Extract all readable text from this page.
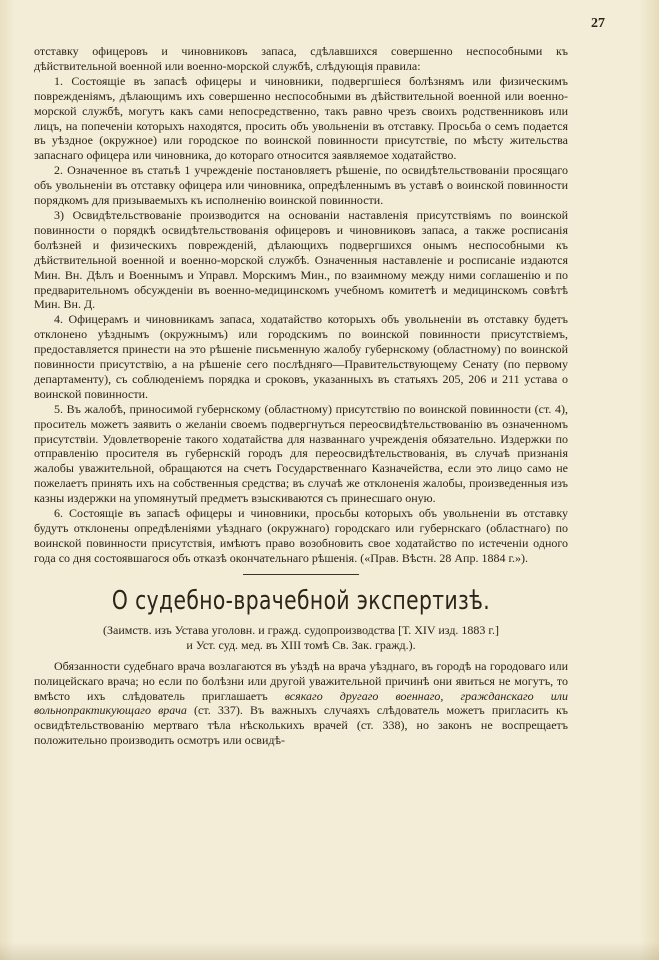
27

отставку офицеровъ и чиновниковъ запаса, сдѣлавшихся совершенно неспособными къ дѣйствительной военной или военно-морской службѣ, слѣдующія правила:

1. Состоящіе въ запасѣ офицеры и чиновники, подвергшіеся болѣзнямъ или физическимъ поврежденіямъ, дѣлающимъ ихъ совершенно неспособными въ дѣйствительной военной или военно-морской службѣ, могутъ какъ сами непосредственно, такъ равно чрезъ своихъ родственниковъ или лицъ, на попеченіи которыхъ находятся, просить объ увольненіи въ отставку. Просьба о семъ подается въ уѣздное (окружное) или городское по воинской повинности присутствіе, по мѣсту жительства запаснаго офицера или чиновника, до котораго относится заявляемое ходатайство.

2. Означенное въ статьѣ 1 учрежденіе постановляетъ рѣшеніе, по освидѣтельствованіи просящаго объ увольненіи въ отставку офицера или чиновника, опредѣленнымъ въ уставѣ о воинской повинности порядкомъ для призываемыхъ къ исполненію воинской повинности.

3) Освидѣтельствованіе производится на основаніи наставленія присутствіямъ по воинской повинности о порядкѣ освидѣтельствованія офицеровъ и чиновниковъ запаса, а также росписанія болѣзней и физическихъ поврежденій, дѣлающихъ подвергшихся онымъ неспособными къ дѣйствительной военной и военно-морской службѣ. Означенныя наставленіе и росписаніе издаются Мин. Вн. Дѣлъ и Военнымъ и Управл. Морскимъ Мин., по взаимному между ними соглашенію и по предварительномъ обсужденіи въ военно-медицинскомъ учебномъ комитетѣ и медицинскомъ совѣтѣ Мин. Вн. Д.

4. Офицерамъ и чиновникамъ запаса, ходатайство которыхъ объ увольненіи въ отставку будетъ отклонено уѣзднымъ (окружнымъ) или городскимъ по воинской повинности присутствіемъ, предоставляется принести на это рѣшеніе письменную жалобу губернскому (областному) по воинской повинности присутствію, а на рѣшеніе сего послѣдняго—Правительствующему Сенату (по первому департаменту), съ соблюденіемъ порядка и сроковъ, указанныхъ въ статьяхъ 205, 206 и 211 устава о воинской повинности.

5. Въ жалобѣ, приносимой губернскому (областному) присутствію по воинской повинности (ст. 4), проситель можетъ заявить о желаніи своемъ подвергнуться переосвидѣтельствованію въ означенномъ присутствіи. Удовлетвореніе такого ходатайства для названнаго учрежденія обязательно. Издержки по отправленію просителя въ губернскій городъ для переосвидѣтельствованія, въ случаѣ признанія жалобы уважительной, обращаются на счетъ Государственнаго Казначейства, если это лицо само не пожелаетъ принять ихъ на собственныя средства; въ случаѣ же отклоненія жалобы, произведенныя изъ казны издержки на упомянутый предметъ взыскиваются съ принесшаго оную.

6. Состоящіе въ запасѣ офицеры и чиновники, просьбы которыхъ объ увольненіи въ отставку будутъ отклонены опредѣленіями уѣзднаго (окружнаго) городскаго или губернскаго (областнаго) по воинской повинности присутствія, имѣютъ право возобновить свое ходатайство по истеченіи одного года со дня состоявшагося объ отказѣ окончательнаго рѣшенія. («Прав. Вѣстн. 28 Апр. 1884 г.»).

О судебно-врачебной экспертизѣ.
(Заимств. изъ Устава уголовн. и гражд. судопроизводства [Т. XIV изд. 1883 г.]
и Уст. суд. мед. въ XIII томѣ Св. Зак. гражд.).

Обязанности судебнаго врача возлагаются въ уѣздѣ на врача уѣзднаго, въ городѣ на городоваго или полицейскаго врача; но если по болѣзни или другой уважительной причинѣ они явиться не могутъ, то вмѣсто ихъ слѣдователь приглашаетъ всякаго другаго военнаго, гражданскаго или вольнопрактикующаго врача (ст. 337). Въ важныхъ случаяхъ слѣдователь можетъ пригласить къ освидѣтельствованію мертваго тѣла нѣсколькихъ врачей (ст. 338), но законъ не воспрещаетъ положительно производить осмотръ или освидѣ-
